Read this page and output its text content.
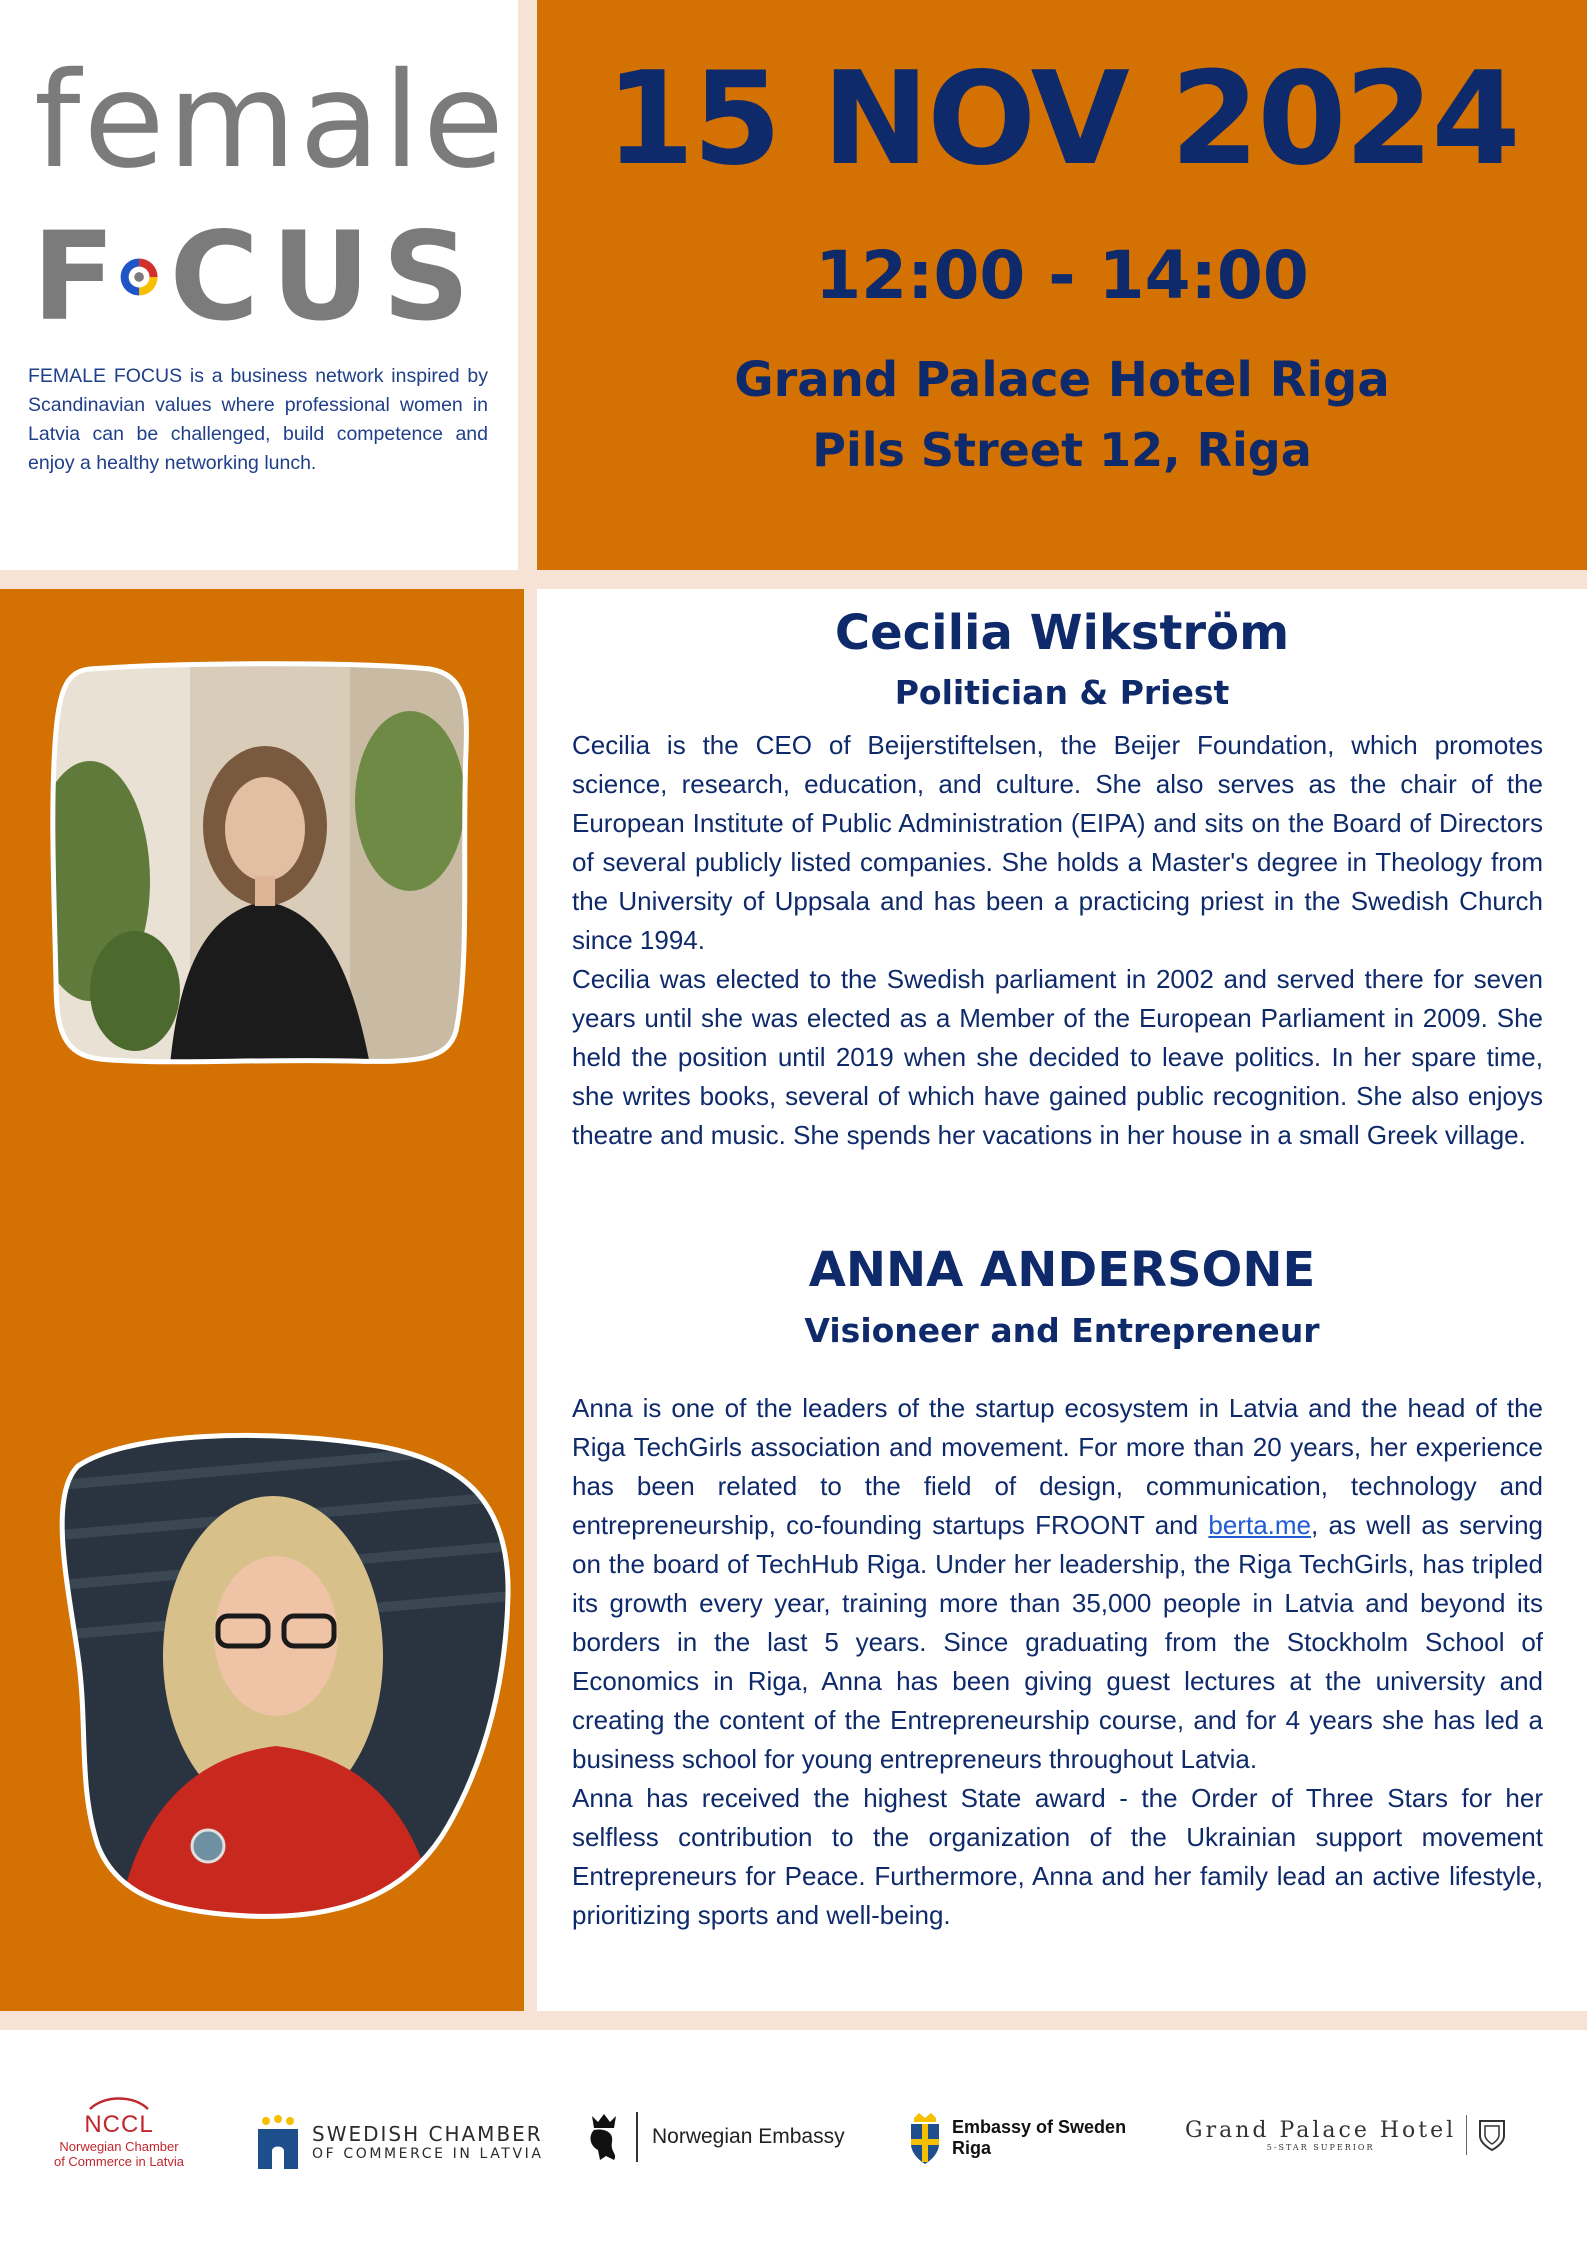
female
F CUS
FEMALE FOCUS is a business network inspired by Scandinavian values where professional women in Latvia can be challenged, build competence and enjoy a healthy networking lunch.
15 NOV 2024
12:00 - 14:00
Grand Palace Hotel Riga
Pils Street 12, Riga
Cecilia Wikström
Politician & Priest

Cecilia is the CEO of Beijerstiftelsen, the Beijer Foundation, which promotes science, research, education, and culture. She also serves as the chair of the European Institute of Public Administration (EIPA) and sits on the Board of Directors of several publicly listed companies. She holds a Master's degree in Theology from the University of Uppsala and has been a practicing priest in the Swedish Church since 1994.

Cecilia was elected to the Swedish parliament in 2002 and served there for seven years until she was elected as a Member of the European Parliament in 2009. She held the position until 2019 when she decided to leave politics. In her spare time, she writes books, several of which have gained public recognition. She also enjoys theatre and music. She spends her vacations in her house in a small Greek village.

ANNA ANDERSONE
Visioneer and Entrepreneur

Anna is one of the leaders of the startup ecosystem in Latvia and the head of the Riga TechGirls association and movement. For more than 20 years, her experience has been related to the field of design, communication, technology and entrepreneurship, co-founding startups FROONT and berta.me, as well as serving on the board of TechHub Riga. Under her leadership, the Riga TechGirls, has tripled its growth every year, training more than 35,000 people in Latvia and beyond its borders in the last 5 years. Since graduating from the Stockholm School of Economics in Riga, Anna has been giving guest lectures at the university and creating the content of the Entrepreneurship course, and for 4 years she has led a business school for young entrepreneurs throughout Latvia.

Anna has received the highest State award - the Order of Three Stars for her selfless contribution to the organization of the Ukrainian support movement Entrepreneurs for Peace. Furthermore, Anna and her family lead an active lifestyle, prioritizing sports and well-being.

NCCL
Norwegian Chamber
of Commerce in Latvia
SWEDISH CHAMBER
OF COMMERCE IN LATVIA
Norwegian Embassy	Embassy of Sweden
Riga
Grand Palace Hotel
5-STAR SUPERIOR
